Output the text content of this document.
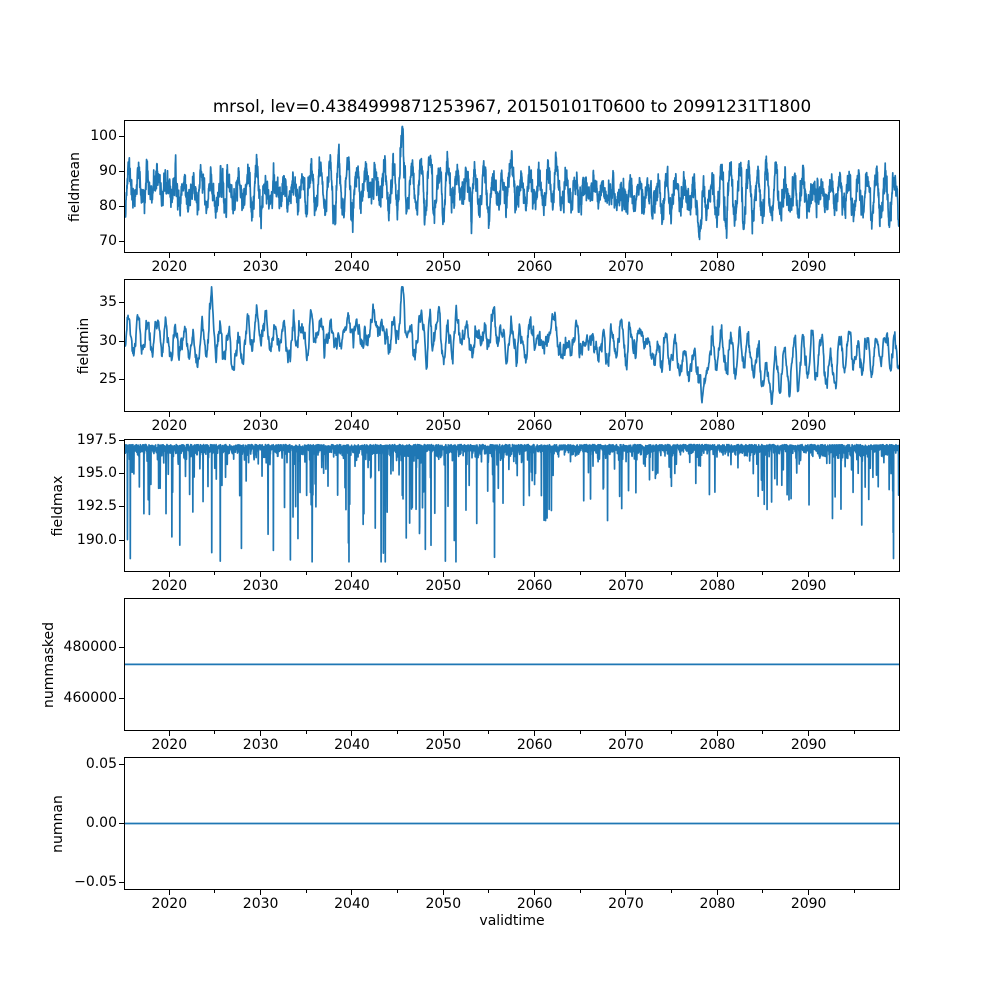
mrsol, lev=0.4384999871253967, 20150101T0600 to 20991231T1800
validtime
70
80
90
100
fieldmean
2020	2030	2040	2050	2060	2070	2080	2090
25
30
35
fieldmin
2020	2030	2040	2050	2060	2070	2080	2090
190.0
192.5
195.0
197.5
fieldmax
2020	2030	2040	2050	2060	2070	2080	2090
460000
480000
nummasked
2020	2030	2040	2050	2060	2070	2080	2090
−0.05
0.00
0.05
numnan
2020	2030	2040	2050	2060	2070	2080	2090
